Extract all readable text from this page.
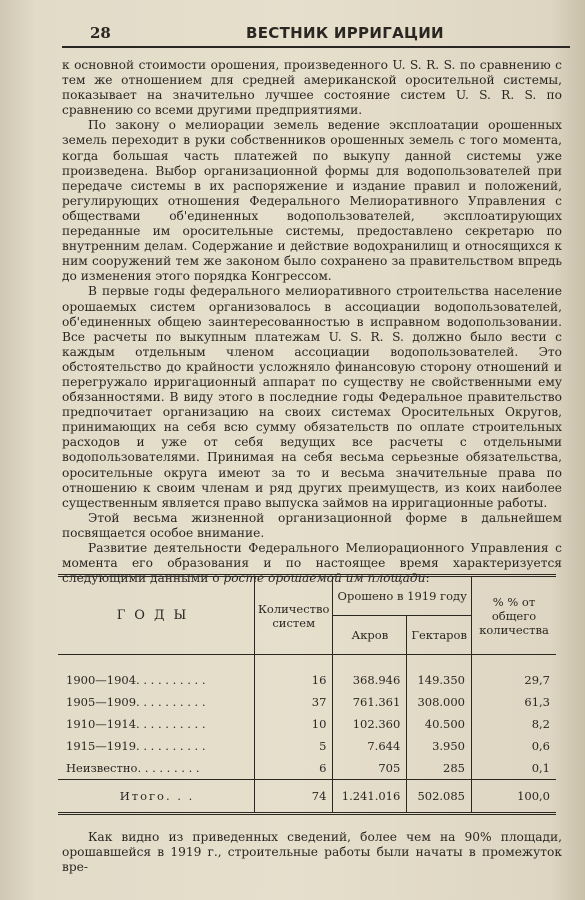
28	ВЕСТНИК ИРРИГАЦИИ

к основной стоимости орошения, произведенного U. S. R. S. по сравнению с тем же отношением для средней американской оросительной системы, показывает на значительно лучшее состояние систем U. S. R. S. по сравнению со всеми другими предприятиями.

По закону о мелиорации земель ведение эксплоатации орошенных земель переходит в руки собственников орошенных земель с того момента, когда большая часть платежей по выкупу данной системы уже произведена. Выбор организационной формы для водопользователей при передаче системы в их распоряжение и издание правил и положений, регулирующих отношения Федерального Мелиоративного Управления с обществами об'единенных водопользователей, эксплоатирующих переданные им оросительные системы, предоставлено секретарю по внутренним делам. Содержание и действие водохранилищ и относящихся к ним сооружений тем же законом было сохранено за правительством впредь до изменения этого порядка Конгрессом.

В первые годы федерального мелиоративного строительства население орошаемых систем организовалось в ассоциации водопользователей, об'единенных общею заинтересованностью в исправном водопользовании. Все расчеты по выкупным платежам U. S. R. S. должно было вести с каждым отдельным членом ассоциации водопользователей. Это обстоятельство до крайности усложняло финансовую сторону отношений и перегружало ирригационный аппарат по существу не свойственными ему обязанностями. В виду этого в последние годы Федеральное правительство предпочитает организацию на своих системах Оросительных Округов, принимающих на себя всю сумму обязательств по оплате строительных расходов и уже от себя ведущих все расчеты с отдельными водопользователями. Принимая на себя весьма серьезные обязательства, оросительные округа имеют за то и весьма значительные права по отношению к своим членам и ряд других преимуществ, из коих наиболее существенным является право выпуска займов на ирригационные работы.

Этой весьма жизненной организационной форме в дальнейшем посвящается особое внимание.

Развитие деятельности Федерального Мелиорационного Управления с момента его образования и по настоящее время характеризуется следующими данными о росте орошаемой им площади:

ГОДЫ	Количество систем	Орошено в 1919 году		% % от общего количества
		Акров	Гектаров	

1900—1904. . . . . . . . . .	16	368.946	149.350	29,7
1905—1909. . . . . . . . . .	37	761.361	308.000	61,3
1910—1914. . . . . . . . . .	10	102.360	40.500	8,2
1915—1919. . . . . . . . . .	5	7.644	3.950	0,6
Неизвестно. . . . . . . . .	6	705	285	0,1
Итого. . .	74	1.241.016	502.085	100,0

Как видно из приведенных сведений, более чем на 90% площади, орошавшейся в 1919 г., строительные работы были начаты в промежуток вре-
